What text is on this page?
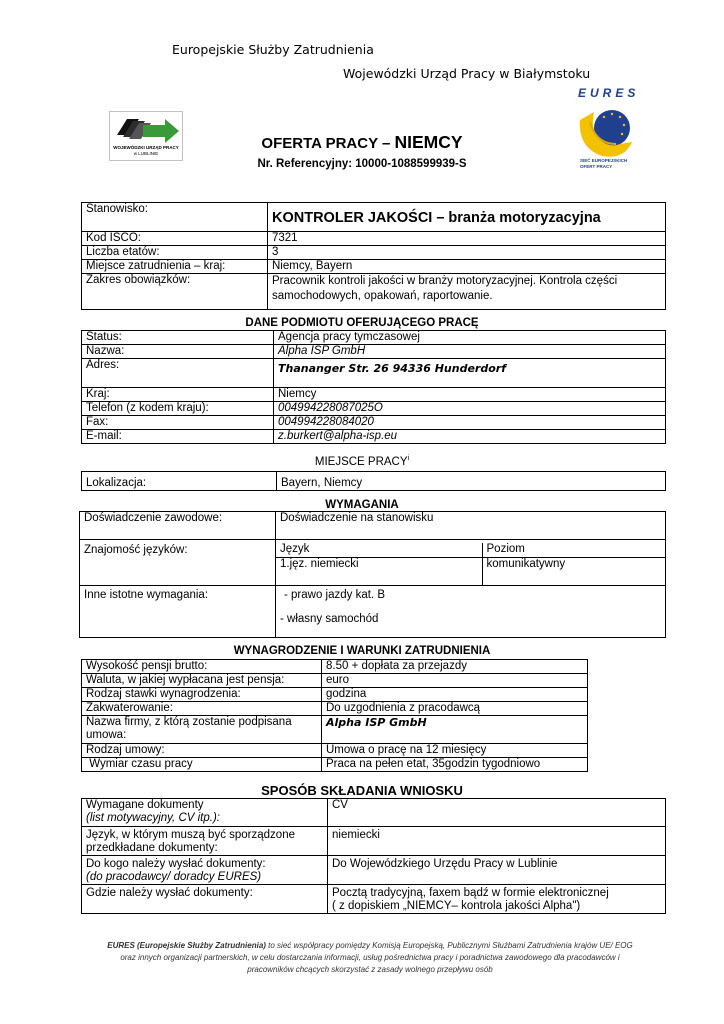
Europejskie Służby Zatrudnienia
Wojewódzki Urząd Pracy w Białymstoku
WOJEWÓDZKI URZĄD PRACY
w LUBLINIE
EURES
SIEĆ EUROPEJSKICH
OFERT PRACY
OFERTA PRACY – NIEMCY
Nr. Referencyjny: 10000-1088599939-S
Stanowisko:	KONTROLER JAKOŚCI – branża motoryzacyjna
Kod ISCO:	7321
Liczba etatów:	3
Miejsce zatrudnienia – kraj:	Niemcy, Bayern
Zakres obowiązków:	Pracownik kontroli jakości w branży motoryzacyjnej. Kontrola części
samochodowych, opakowań, raportowanie.
DANE PODMIOTU OFERUJĄCEGO PRACĘ
Status:	Agencja pracy tymczasowej
Nazwa:	Alpha ISP GmbH
Adres:	Thananger Str. 26 94336 Hunderdorf
Kraj:	Niemcy
Telefon (z kodem kraju):	004994228087025O
Fax:	004994228084020
E-mail:	z.burkert@alpha-isp.eu
MIEJSCE PRACY$^i$
Lokalizacja:	Bayern, Niemcy
WYMAGANIA
Doświadczenie zawodowe:	Doświadczenie na stanowisku
Znajomość języków:		Język	Poziom
1.jęz. niemiecki	komunikatywny

Inne istotne wymagania:	- prawo jazdy kat. B
- własny samochód
WYNAGRODZENIE I WARUNKI ZATRUDNIENIA
Wysokość pensji brutto:	8.50 + dopłata za przejazdy
Waluta, w jakiej wypłacana jest pensja:	euro
Rodzaj stawki wynagrodzenia:	godzina
Zakwaterowanie:	Do uzgodnienia z pracodawcą

Nazwa firmy, z którą zostanie podpisana
umowa:	Alpha ISP GmbH
Rodzaj umowy:	Umowa o pracę na 12 miesięcy
Wymiar czasu pracy	Praca na pełen etat, 35godzin tygodniowo
SPOSÓB SKŁADANIA WNIOSKU
Wymagane dokumenty
(list motywacyjny, CV itp.):	CV

Język, w którym muszą być sporządzone
przedkładane dokumenty:	niemiecki

Do kogo należy wysłać dokumenty:
(do pracodawcy/ doradcy EURES)	Do Wojewódzkiego Urzędu Pracy w Lublinie
Gdzie należy wysłać dokumenty:	Pocztą tradycyjną, faxem bądź w formie elektronicznej
( z dopiskiem „NIEMCY– kontrola jakości Alpha")
EURES (Europejskie Służby Zatrudnienia) to sieć współpracy pomiędzy Komisją Europejską, Publicznymi Służbami Zatrudnienia krajów UE/ EOG
oraz innych organizacji partnerskich, w celu dostarczania informacji, usług pośrednictwa pracy i poradnictwa zawodowego dla pracodawców i
pracowników chcących skorzystać z zasady wolnego przepływu osób
